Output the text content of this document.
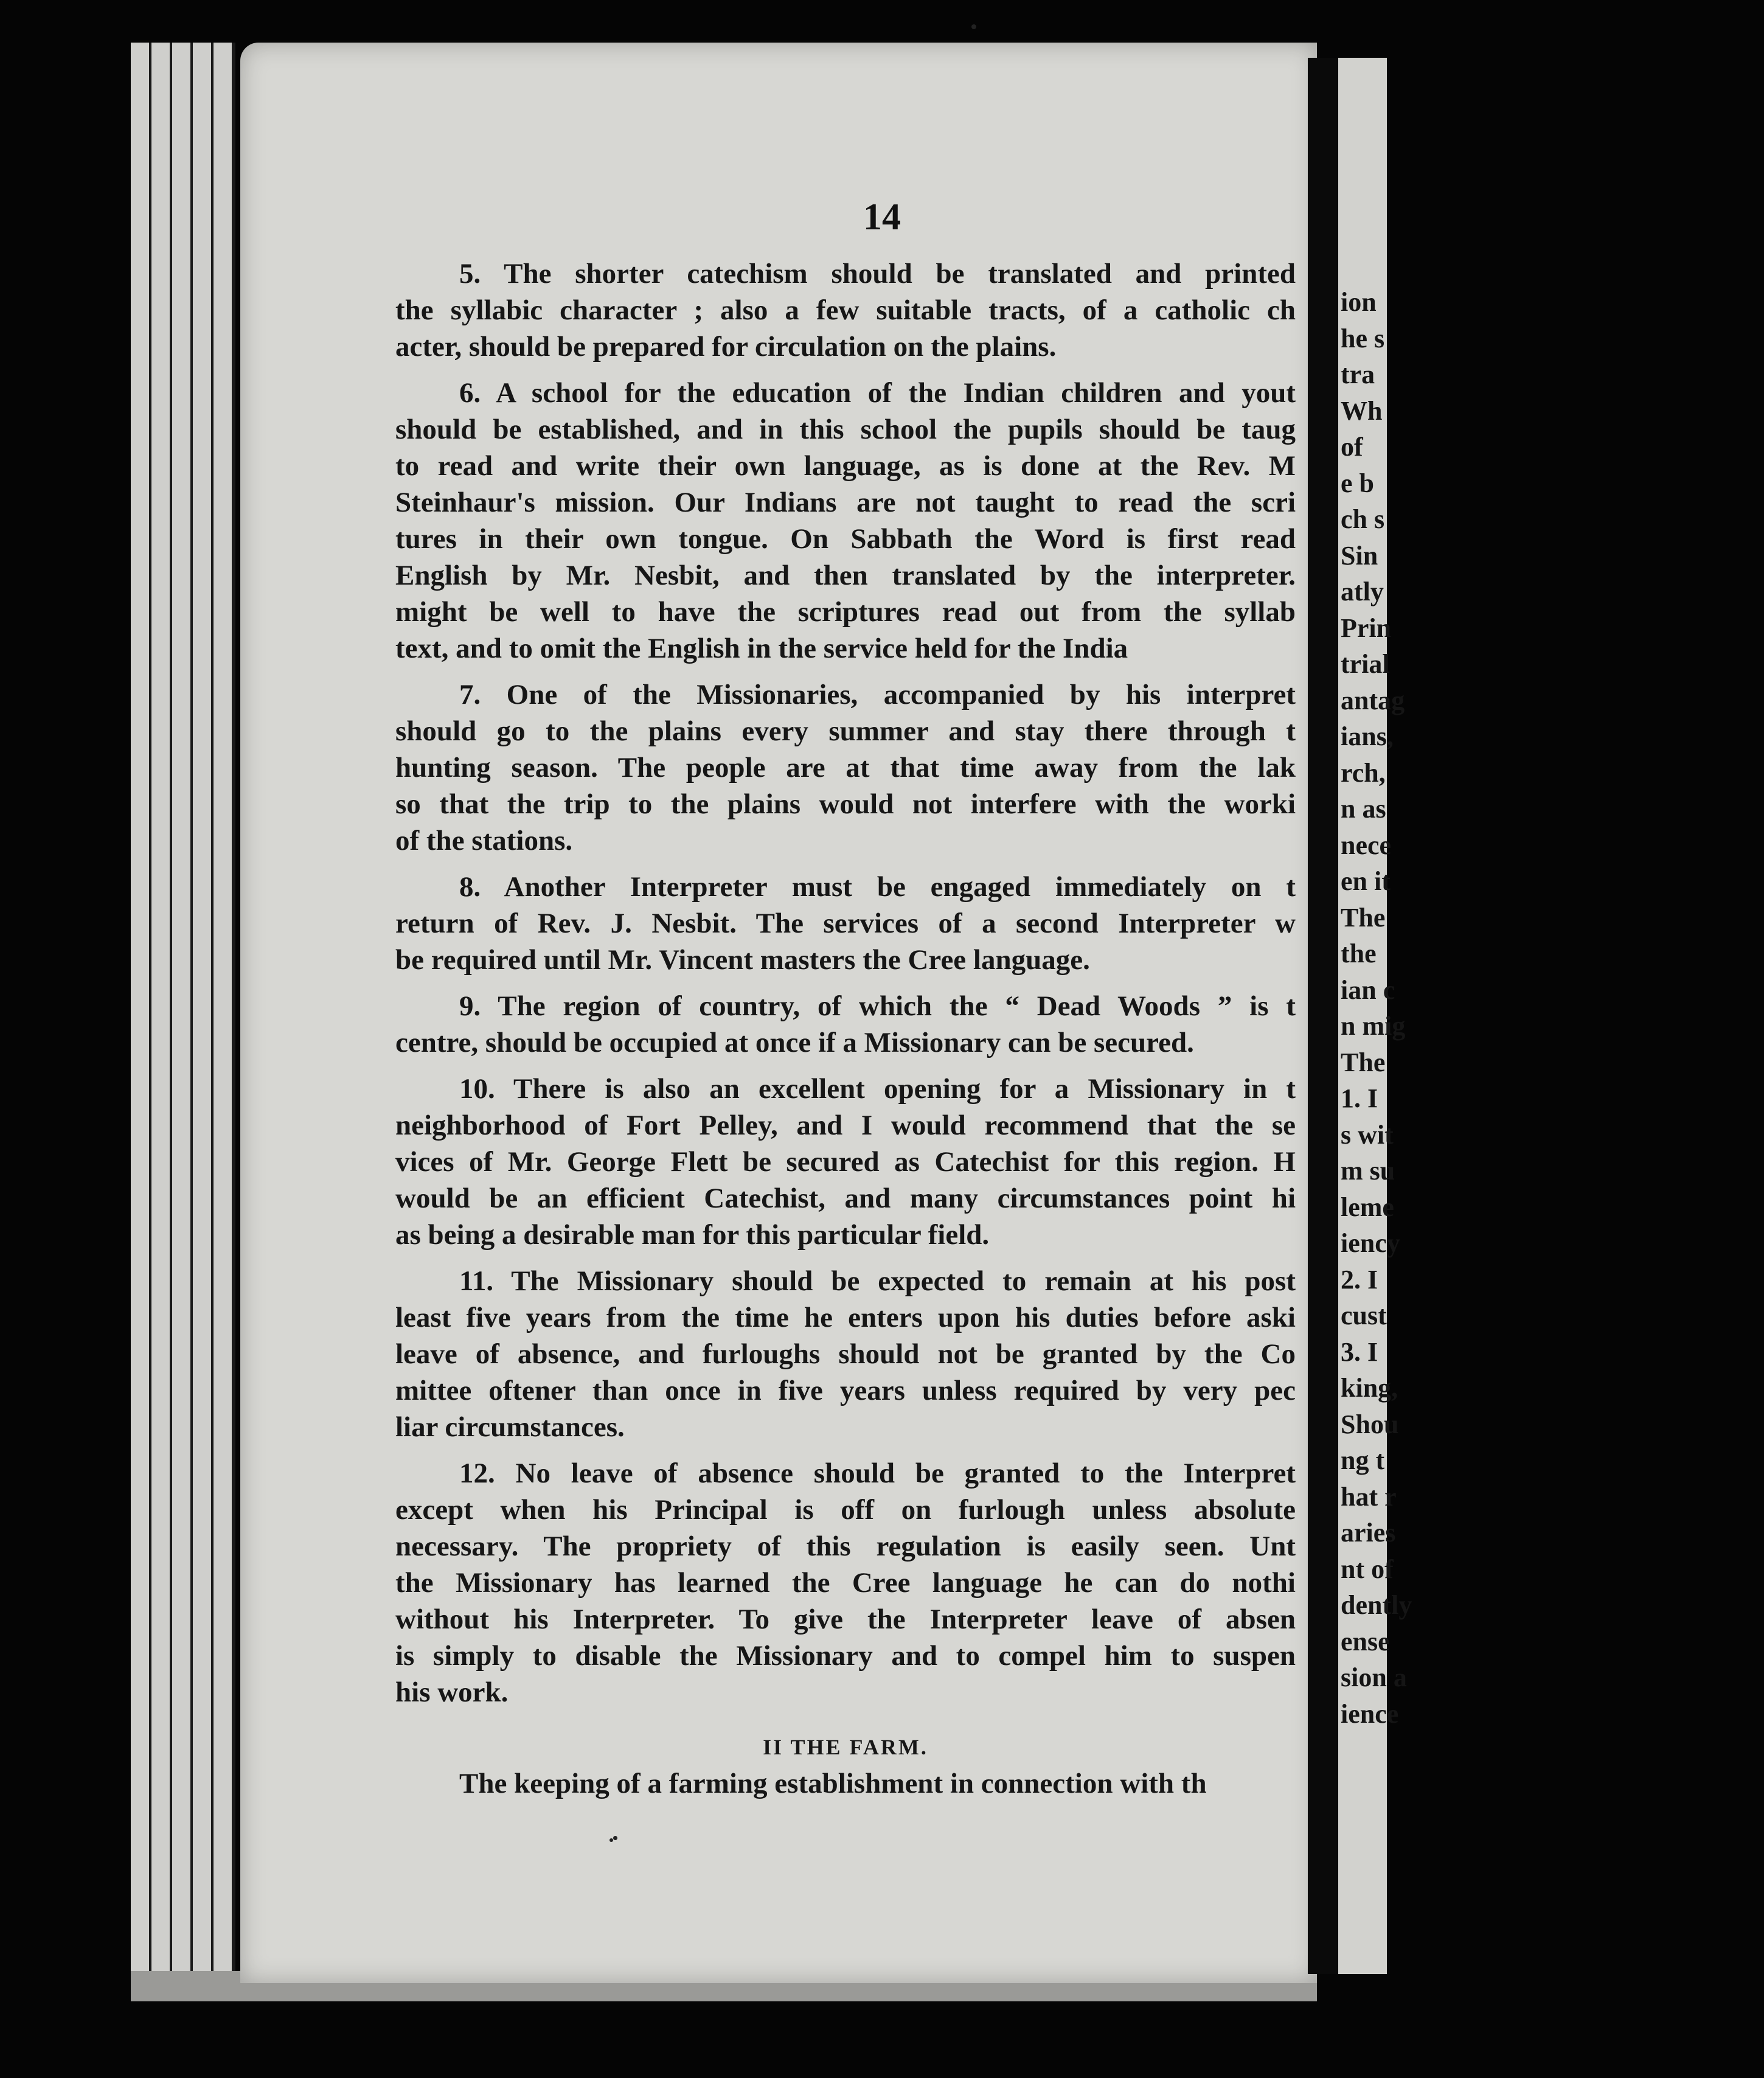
14
5. The shorter catechism should be translated and printed
the syllabic character ; also a few suitable tracts, of a catholic ch
acter, should be prepared for circulation on the plains.
6. A school for the education of the Indian children and yout
should be established, and in this school the pupils should be taug
to read and write their own language, as is done at the Rev. M
Steinhaur's mission. Our Indians are not taught to read the scri
tures in their own tongue. On Sabbath the Word is first read
English by Mr. Nesbit, and then translated by the interpreter.
might be well to have the scriptures read out from the syllab
text, and to omit the English in the service held for the India
7. One of the Missionaries, accompanied by his interpret
should go to the plains every summer and stay there through t
hunting season. The people are at that time away from the lak
so that the trip to the plains would not interfere with the worki
of the stations.
8. Another Interpreter must be engaged immediately on t
return of Rev. J. Nesbit. The services of a second Interpreter w
be required until Mr. Vincent masters the Cree language.
9. The region of country, of which the “ Dead Woods ” is t
centre, should be occupied at once if a Missionary can be secured.
10. There is also an excellent opening for a Missionary in t
neighborhood of Fort Pelley, and I would recommend that the se
vices of Mr. George Flett be secured as Catechist for this region. H
would be an efficient Catechist, and many circumstances point hi
as being a desirable man for this particular field.
11. The Missionary should be expected to remain at his post
least five years from the time he enters upon his duties before aski
leave of absence, and furloughs should not be granted by the Co
mittee oftener than once in five years unless required by very pec
liar circumstances.
12. No leave of absence should be granted to the Interpret
except when his Principal is off on furlough unless absolute
necessary. The propriety of this regulation is easily seen. Unt
the Missionary has learned the Cree language he can do nothi
without his Interpreter. To give the Interpreter leave of absen
is simply to disable the Missionary and to compel him to suspen
his work.
II THE FARM.
The keeping of a farming establishment in connection with th
ion
he s
tra
Wh
of
e b
ch s
Sin
atly
Prin
trial
antag
ians,
rch,
n as
nece
en it
The
the
ian c
n mig
The
1. I
s wit
m su
leme
iency
2. I
cust
3. I
king,
Shou
ng t
hat r
aries
nt of
dently
ense
sion a
ience
